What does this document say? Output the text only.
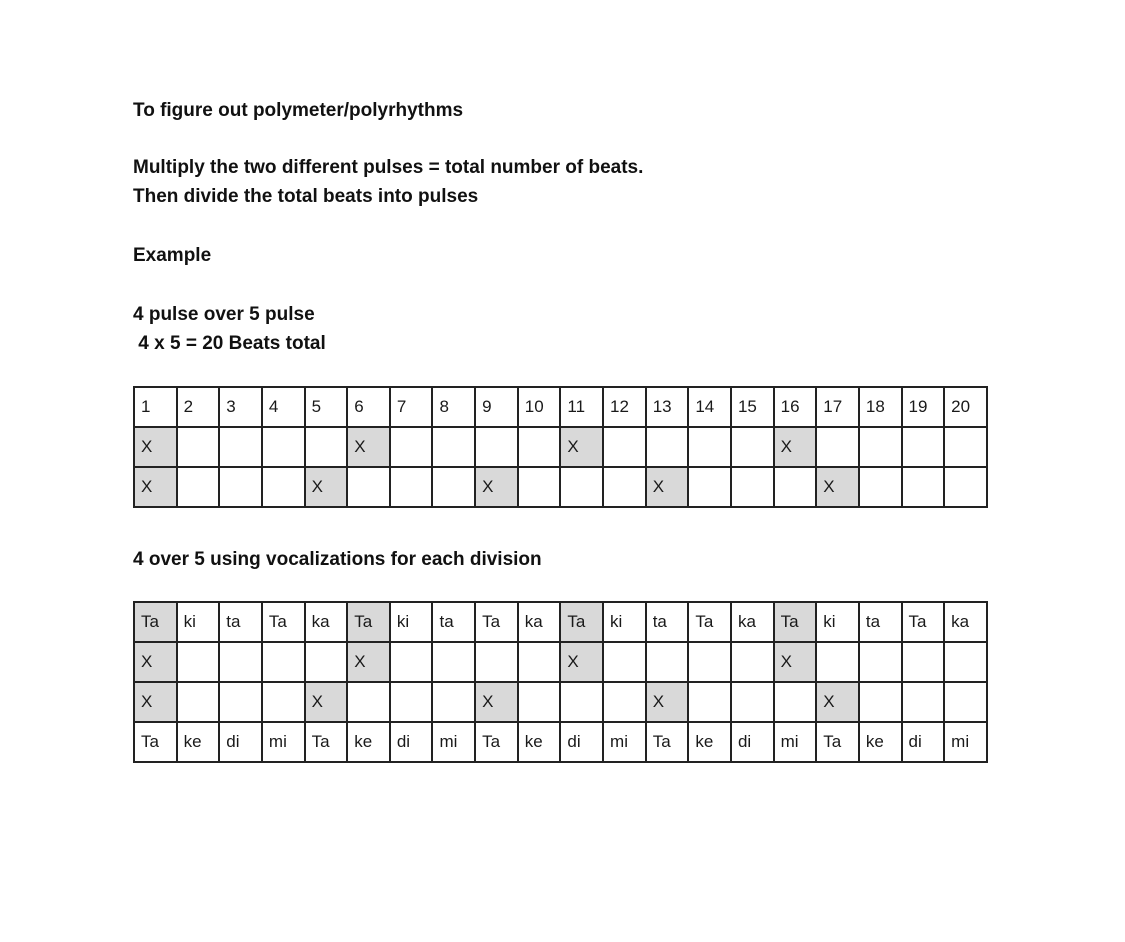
To figure out polymeter/polyrhythms
Multiply the two different pulses = total number of beats.
Then divide the total beats into pulses
Example
4 pulse over 5 pulse
4 x 5 = 20 Beats total
1	2	3	4	5	6	7	8	9	10	11	12	13	14	15	16	17	18	19	20
X					X					X					X				
X				X				X				X				X			
4 over 5 using vocalizations for each division
Ta	ki	ta	Ta	ka	Ta	ki	ta	Ta	ka	Ta	ki	ta	Ta	ka	Ta	ki	ta	Ta	ka
X					X					X					X				
X				X				X				X				X			
Ta	ke	di	mi	Ta	ke	di	mi	Ta	ke	di	mi	Ta	ke	di	mi	Ta	ke	di	mi
